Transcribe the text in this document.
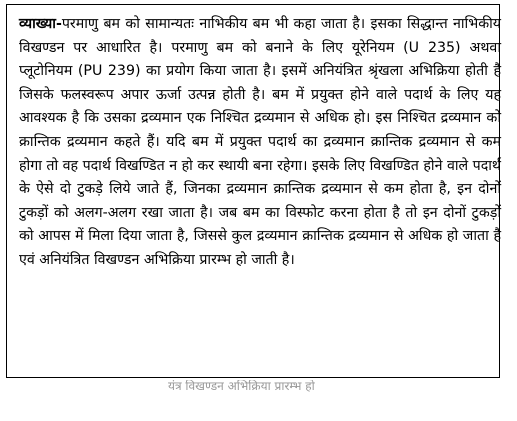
व्याख्या-परमाणु बम को सामान्यतः नाभिकीय बम भी कहा जाता है। इसका सिद्धान्त नाभिकीय विखण्डन पर आधारित है। परमाणु बम को बनाने के लिए यूरेनियम (U 235) अथवा प्लूटोनियम (PU 239) का प्रयोग किया जाता है। इसमें अनियंत्रित श्रृंखला अभिक्रिया होती है जिसके फलस्वरूप अपार ऊर्जा उत्पन्न होती है। बम में प्रयुक्त होने वाले पदार्थ के लिए यह आवश्यक है कि उसका द्रव्यमान एक निश्चित द्रव्यमान से अधिक हो। इस निश्चित द्रव्यमान को क्रान्तिक द्रव्यमान कहते हैं। यदि बम में प्रयुक्त पदार्थ का द्रव्यमान क्रान्तिक द्रव्यमान से कम होगा तो वह पदार्थ विखण्डित न हो कर स्थायी बना रहेगा। इसके लिए विखण्डित होने वाले पदार्थ के ऐसे दो टुकड़े लिये जाते हैं, जिनका द्रव्यमान क्रान्तिक द्रव्यमान से कम होता है, इन दोनों टुकड़ों को अलग-अलग रखा जाता है। जब बम का विस्फोट करना होता है तो इन दोनों टुकड़ों को आपस में मिला दिया जाता है, जिससे कुल द्रव्यमान क्रान्तिक द्रव्यमान से अधिक हो जाता है एवं अनियंत्रित विखण्डन अभिक्रिया प्रारम्भ हो जाती है।
यंत्र विखण्डन अभिक्रिया प्रारम्भ हो
